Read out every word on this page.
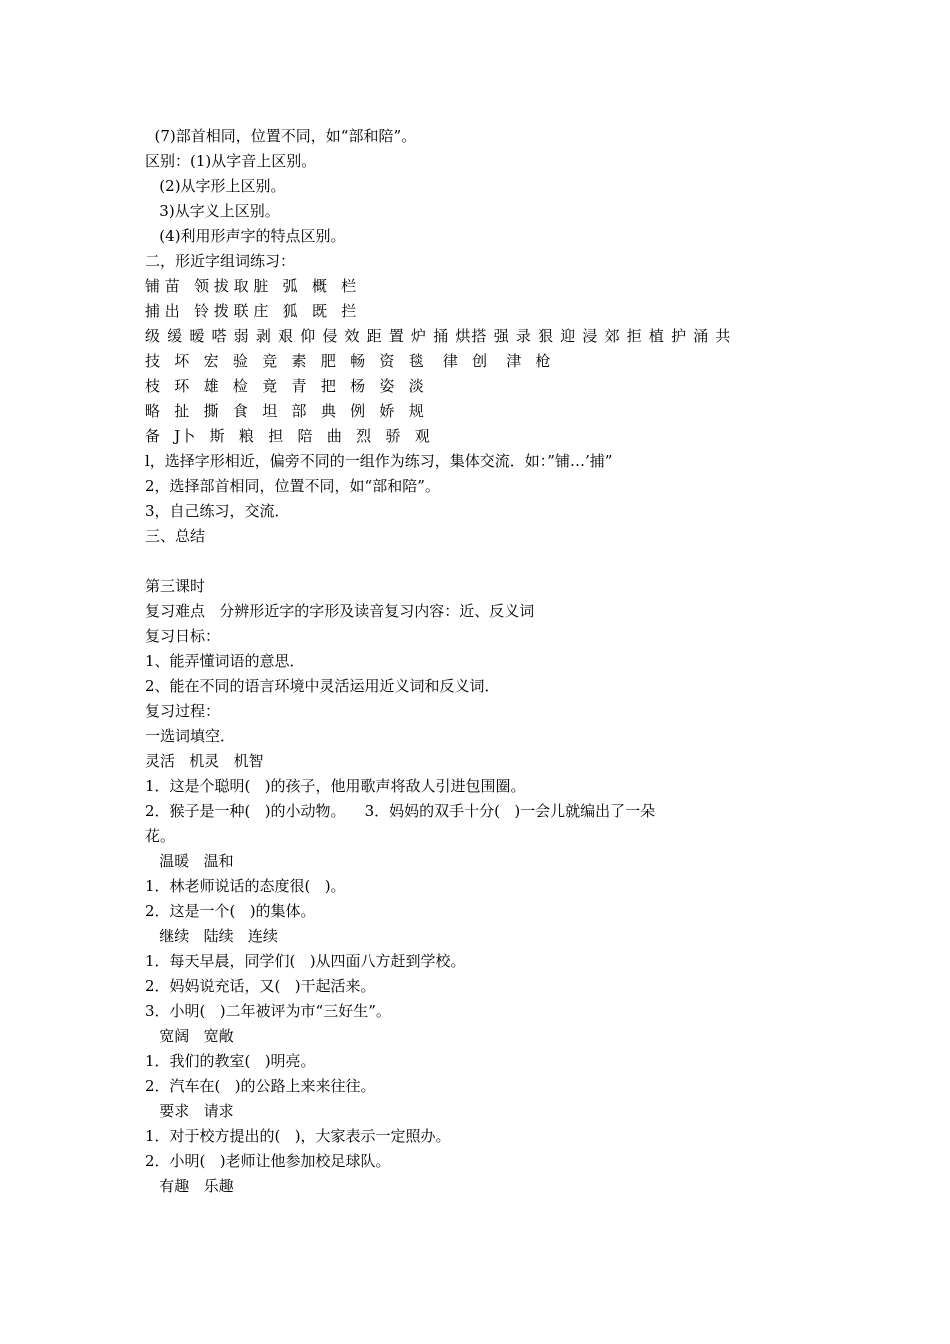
(7)部首相同，位置不同，如“部和陪”。
区别：(1)从字音上区别。
(2)从字形上区别。
3)从字义上区别。
(4)利用形声字的特点区别。
二，形近字组词练习：
铺 苗   领 拔 取 脏   弧   概   栏
捕 出   铃 拨 联 庄   狐   既   拦
级 缓 暧 嗒 弱 剥 艰 仰 侵 效 距 置 炉 捅 烘搭 强 录 狠 迎 浸 郊 拒 植 护 涌 共
技   坏   宏   验   竞   素   肥   畅   资   毯    律   创    津   枪
枝   环   雄   检   竟   青   把   杨   姿   淡
略   扯   撕   食   坦   部   典   例   娇   规
备   J卜   斯   粮   担   陪   曲   烈   骄   观
l，选择字形相近，偏旁不同的一组作为练习，集体交流．如：”铺…’捕”
2，选择部首相同，位置不同，如“部和陪”。
3，自己练习，交流．
三、总结
第三课时
复习难点   分辨形近字的字形及读音复习内容：近、反义词
复习日标：
1、能弄懂词语的意思．
2、能在不同的语言环境中灵活运用近义词和反义词．
复习过程：
一选词填空．
灵活   机灵   机智
1．这是个聪明(   )的孩子，他用歌声将敌人引进包围圈。
2．猴子是一种(   )的小动物。    3．妈妈的双手十分(   )一会儿就编出了一朵
花。
温暖   温和
1．林老师说话的态度很(   )。
2．这是一个(   )的集体。
继续   陆续   连续
1．每天早晨，同学们(   )从四面八方赶到学校。
2．妈妈说充话，又(   )干起活来。
3．小明(   )二年被评为市“三好生”。
宽阔   宽敞
1．我们的教室(   )明亮。
2．汽车在(   )的公路上来来往往。
要求   请求
1．对于校方提出的(   )，大家表示一定照办。
2．小明(   )老师让他参加校足球队。
有趣   乐趣
